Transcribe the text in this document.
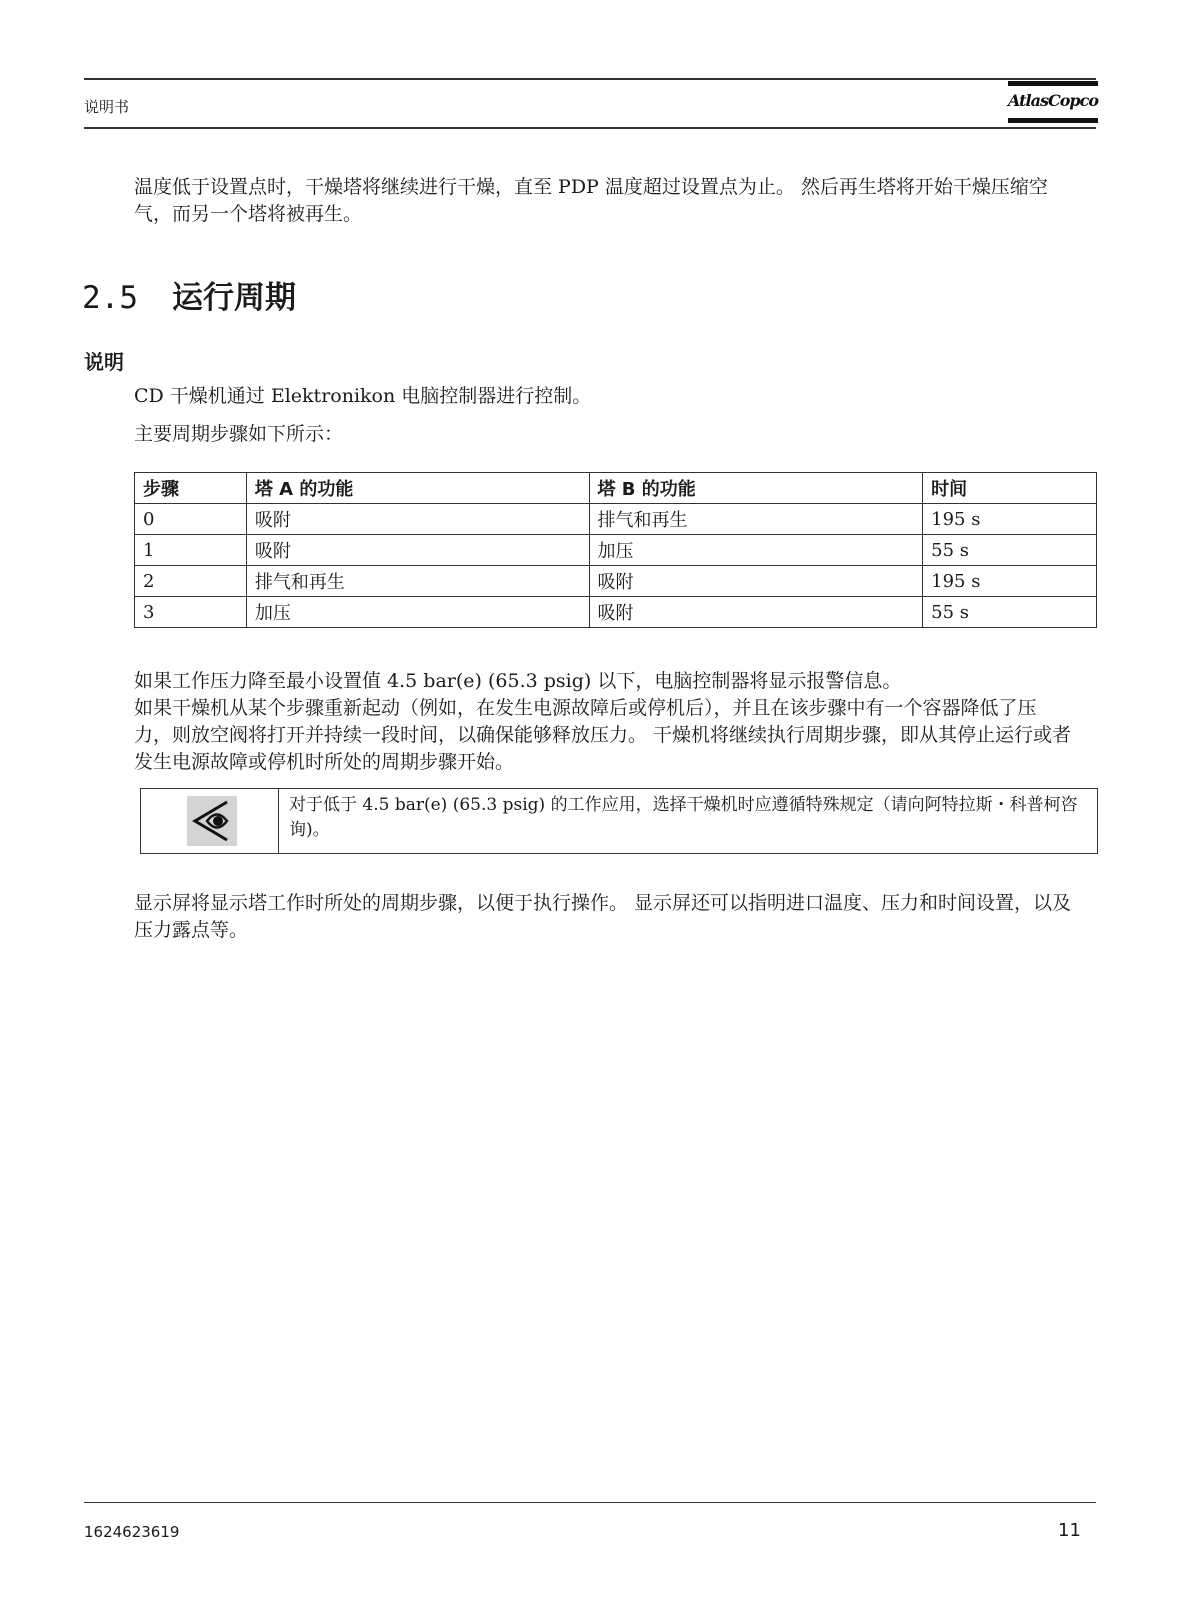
说明书	AtlasCopco

温度低于设置点时，干燥塔将继续进行干燥，直至 PDP 温度超过设置点为止。 然后再生塔将开始干燥压缩空气，而另一个塔将被再生。

2.5 运行周期
说明

CD 干燥机通过 Elektronikon 电脑控制器进行控制。

主要周期步骤如下所示：

步骤	塔 A 的功能	塔 B 的功能	时间
0	吸附	排气和再生	195 s
1	吸附	加压	55 s
2	排气和再生	吸附	195 s
3	加压	吸附	55 s

如果工作压力降至最小设置值 4.5 bar(e) (65.3 psig) 以下，电脑控制器将显示报警信息。

如果干燥机从某个步骤重新起动（例如，在发生电源故障后或停机后），并且在该步骤中有一个容器降低了压力，则放空阀将打开并持续一段时间，以确保能够释放压力。 干燥机将继续执行周期步骤，即从其停止运行或者发生电源故障或停机时所处的周期步骤开始。

对于低于 4.5 bar(e) (65.3 psig) 的工作应用，选择干燥机时应遵循特殊规定（请向阿特拉斯・科普柯咨询)。

显示屏将显示塔工作时所处的周期步骤，以便于执行操作。 显示屏还可以指明进口温度、压力和时间设置，以及压力露点等。

1624623619	11
